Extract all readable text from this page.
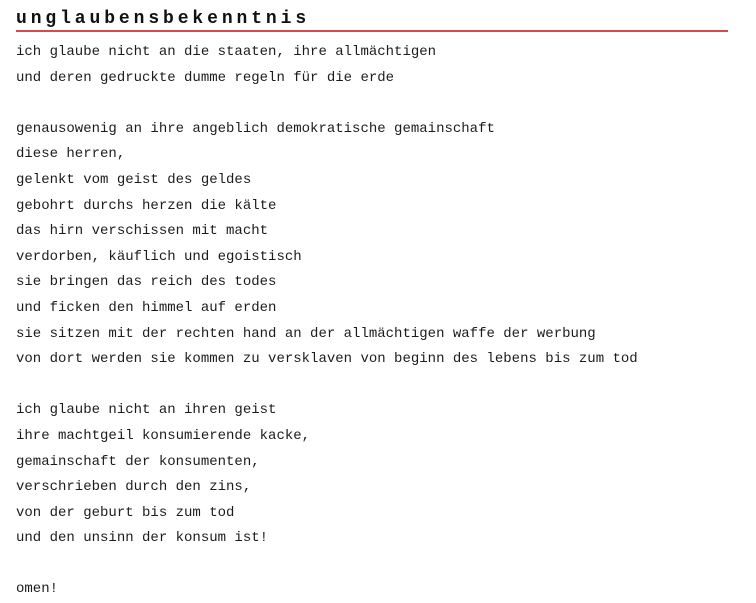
unglaubensbekenntnis
ich glaube nicht an die staaten, ihre allmächtigen
und deren gedruckte dumme regeln für die erde
genausowenig an ihre angeblich demokratische gemainschaft
diese herren,
gelenkt vom geist des geldes
gebohrt durchs herzen die kälte
das hirn verschissen mit macht
verdorben, käuflich und egoistisch
sie bringen das reich des todes
und ficken den himmel auf erden
sie sitzen mit der rechten hand an der allmächtigen waffe der werbung
von dort werden sie kommen zu versklaven von beginn des lebens bis zum tod
ich glaube nicht an ihren geist
ihre machtgeil konsumierende kacke,
gemainschaft der konsumenten,
verschrieben durch den zins,
von der geburt bis zum tod
und den unsinn der konsum ist!
omen!
